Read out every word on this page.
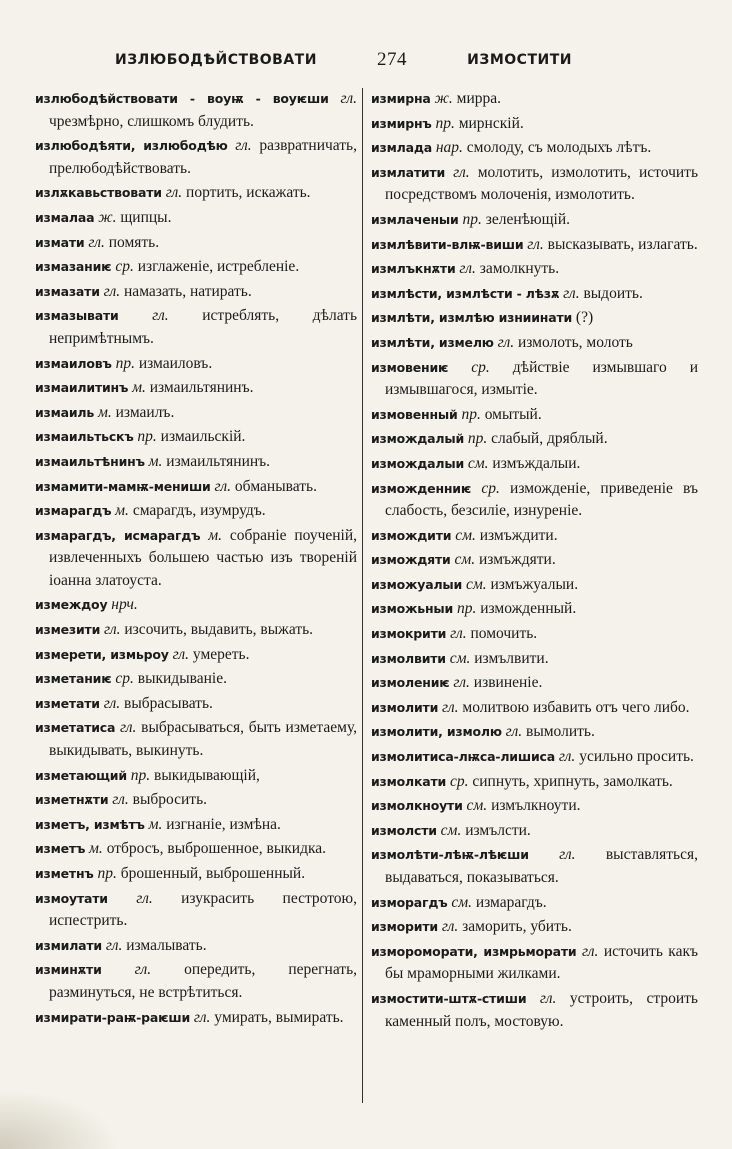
ИЗЛЮБОДѢЙСТВОВАТИ	274	ИЗМОСТИТИ

излюбодѣйствовати - воуѭ - воуѥши гл. чрезмѣрно, слишкомъ блудить.

излюбодѣяти, излюбодѣю гл. развратничать, прелюбодѣйствовать.

излѫкавьствовати гл. портить, искажать.

измалаа ж. щипцы.

измати гл. помять.

измазаниѥ ср. изглаженіе, истребленіе.

измазати гл. намазать, натирать.

измазывати гл. истреблять, дѣлать непримѣтнымъ.

измаиловъ пр. измаиловъ.

измаилитинъ м. измаильтянинъ.

измаиль м. измаилъ.

измаильтьскъ пр. измаильскій.

измаильтѣнинъ м. измаильтянинъ.

измамити-мамѭ-мениши гл. обманывать.

измарагдъ м. смарагдъ, изумрудъ.

измарагдъ, исмарагдъ м. собраніе поученій, извлеченныхъ большею частью изъ твореній іоанна златоуста.

измеждоу нрч.

измезити гл. изсочить, выдавить, выжать.

измерети, измьроу гл. умереть.

изметаниѥ ср. выкидываніе.

изметати гл. выбрасывать.

изметатиса гл. выбрасываться, быть изметаему, выкидывать, выкинуть.

изметающий пр. выкидывающій,

изметнѫти гл. выбросить.

изметъ, измѣтъ м. изгнаніе, измѣна.

изметъ м. отбросъ, выброшенное, выкидка.

изметнъ пр. брошенный, выброшенный.

измоутати гл. изукрасить пестротою, испестрить.

измилати гл. измалывать.

изминѫти гл. опередить, перегнать, разминуться, не встрѣтиться.

измирати-раѭ-раѥши гл. умирать, вымирать.

измирна ж. мирра.

измирнъ пр. мирнскій.

измлада нар. смолоду, съ молодыхъ лѣтъ.

измлатити гл. молотить, измолотить, источить посредствомъ молоченія, измолотить.

измлаченыи пр. зеленѣющій.

измлѣвити-влѭ-виши гл. высказывать, излагать.

измлъкнѫти гл. замолкнуть.

измлѣсти, измлѣсти - лѣзѫ гл. выдоить.

измлѣти, измлѣю изниинати (?)

измлѣти, измелю гл. измолоть, молоть

измовениѥ ср. дѣйствіе измывшаго и измывшагося, измытіе.

измовенный пр. омытый.

измождалый пр. слабый, дряблый.

измождалыи см. измъждалыи.

изможденниѥ ср. изможденіе, приведеніе въ слабость, безсиліе, изнуреніе.

измождити см. измъждити.

измождяти см. измъждяти.

изможуалыи см. измъжуалыи.

изможьныи пр. изможденный.

измокрити гл. помочить.

измолвити см. измълвити.

измолениѥ гл. извиненіе.

измолити гл. молитвою избавить отъ чего либо.

измолити, измолю гл. вымолить.

измолитиса-лѭса-лишиса гл. усильно просить.

измолкати ср. сипнуть, хрипнуть, замолкать.

измолкноути см. измълкноути.

измолсти см. измълсти.

измолѣти-лѣѭ-лѣѥши гл. выставляться, выдаваться, показываться.

изморагдъ см. измарагдъ.

изморити гл. заморить, убить.

измороморати, измрьморати гл. источить какъ бы мраморными жилками.

измостити-штѫ-стиши гл. устроить, строить каменный полъ, мостовую.
